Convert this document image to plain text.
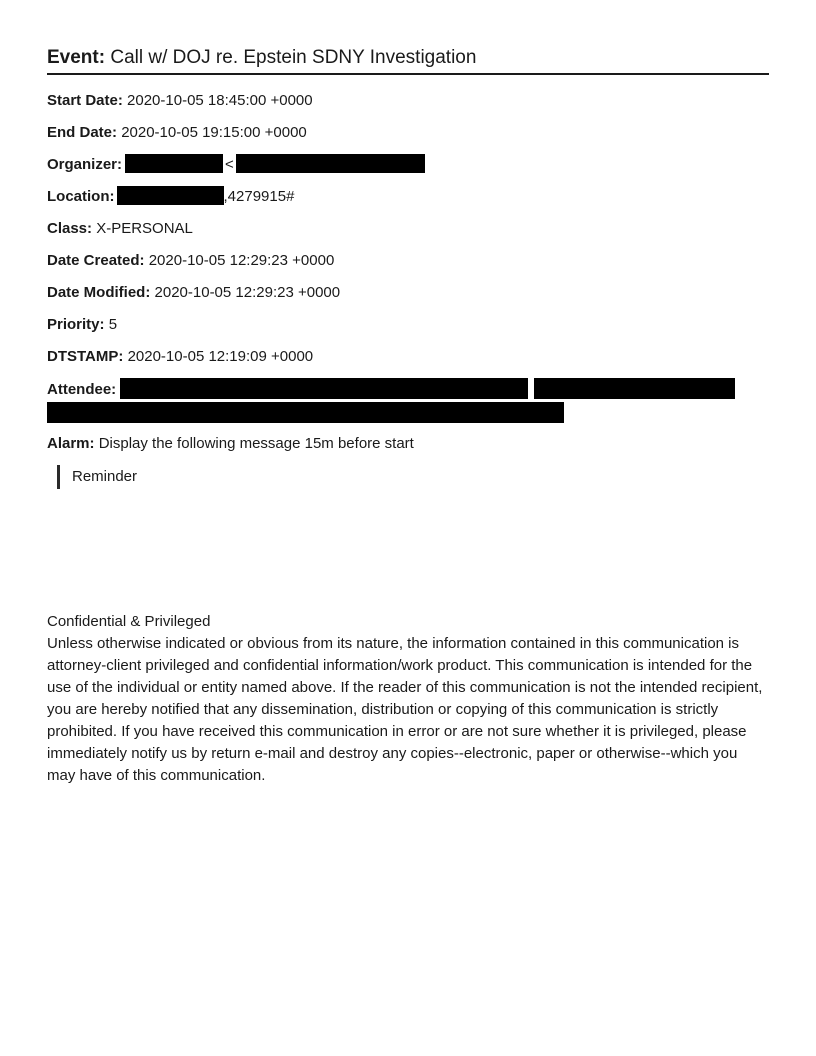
Event: Call w/ DOJ re. Epstein SDNY Investigation

Start Date: 2020-10-05 18:45:00 +0000

End Date: 2020-10-05 19:15:00 +0000

Organizer:	<

Location:	,4279915#

Class: X-PERSONAL

Date Created: 2020-10-05 12:29:23 +0000

Date Modified: 2020-10-05 12:29:23 +0000

Priority: 5

DTSTAMP: 2020-10-05 12:19:09 +0000

Attendee:

Alarm: Display the following message 15m before start

Reminder
Confidential & Privileged
Unless otherwise indicated or obvious from its nature, the information contained in this communication is attorney-client privileged and confidential information/work product. This communication is intended for the use of the individual or entity named above. If the reader of this communication is not the intended recipient, you are hereby notified that any dissemination, distribution or copying of this communication is strictly prohibited. If you have received this communication in error or are not sure whether it is privileged, please immediately notify us by return e-mail and destroy any copies--electronic, paper or otherwise--which you may have of this communication.
